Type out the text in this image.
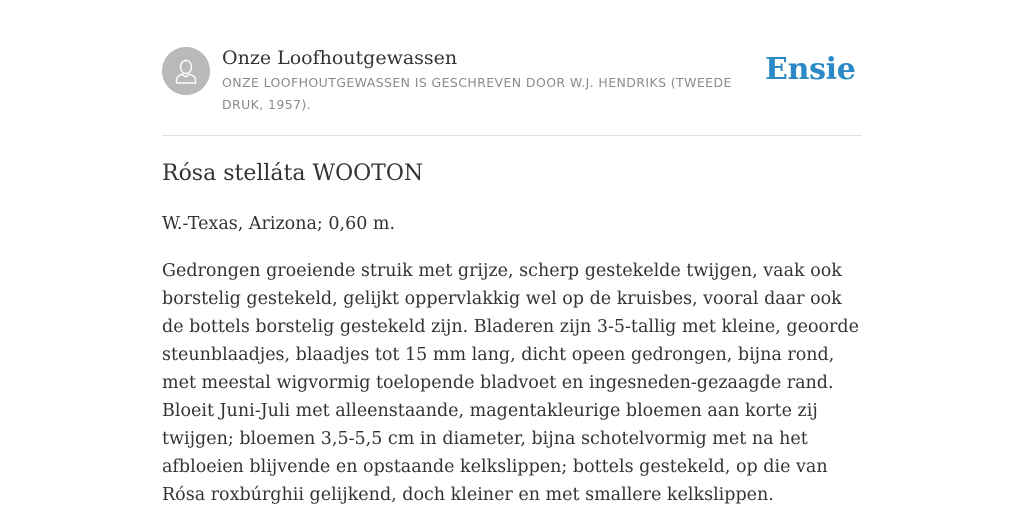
Onze Loofhoutgewassen
ONZE LOOFHOUTGEWASSEN IS GESCHREVEN DOOR W.J. HENDRIKS (TWEEDE DRUK, 1957).
Ensie
Rósa stelláta WOOTON

W.-Texas, Arizona; 0,60 m.

Gedrongen groeiende struik met grijze, scherp gestekelde twijgen, vaak ook borstelig gestekeld, gelijkt oppervlakkig wel op de kruisbes, vooral daar ook de bottels borstelig gestekeld zijn. Bladeren zijn 3-5-tallig met kleine, geoorde steunblaadjes, blaadjes tot 15 mm lang, dicht opeen gedrongen, bijna rond, met meestal wigvormig toelopende bladvoet en ingesneden-gezaagde rand. Bloeit Juni-Juli met alleenstaande, magentakleurige bloemen aan korte zij twijgen; bloemen 3,5-5,5 cm in diameter, bijna schotelvormig met na het afbloeien blijvende en opstaande kelkslippen; bottels gestekeld, op die van Rósa roxbúrghii gelijkend, doch kleiner en met smallere kelkslippen.
